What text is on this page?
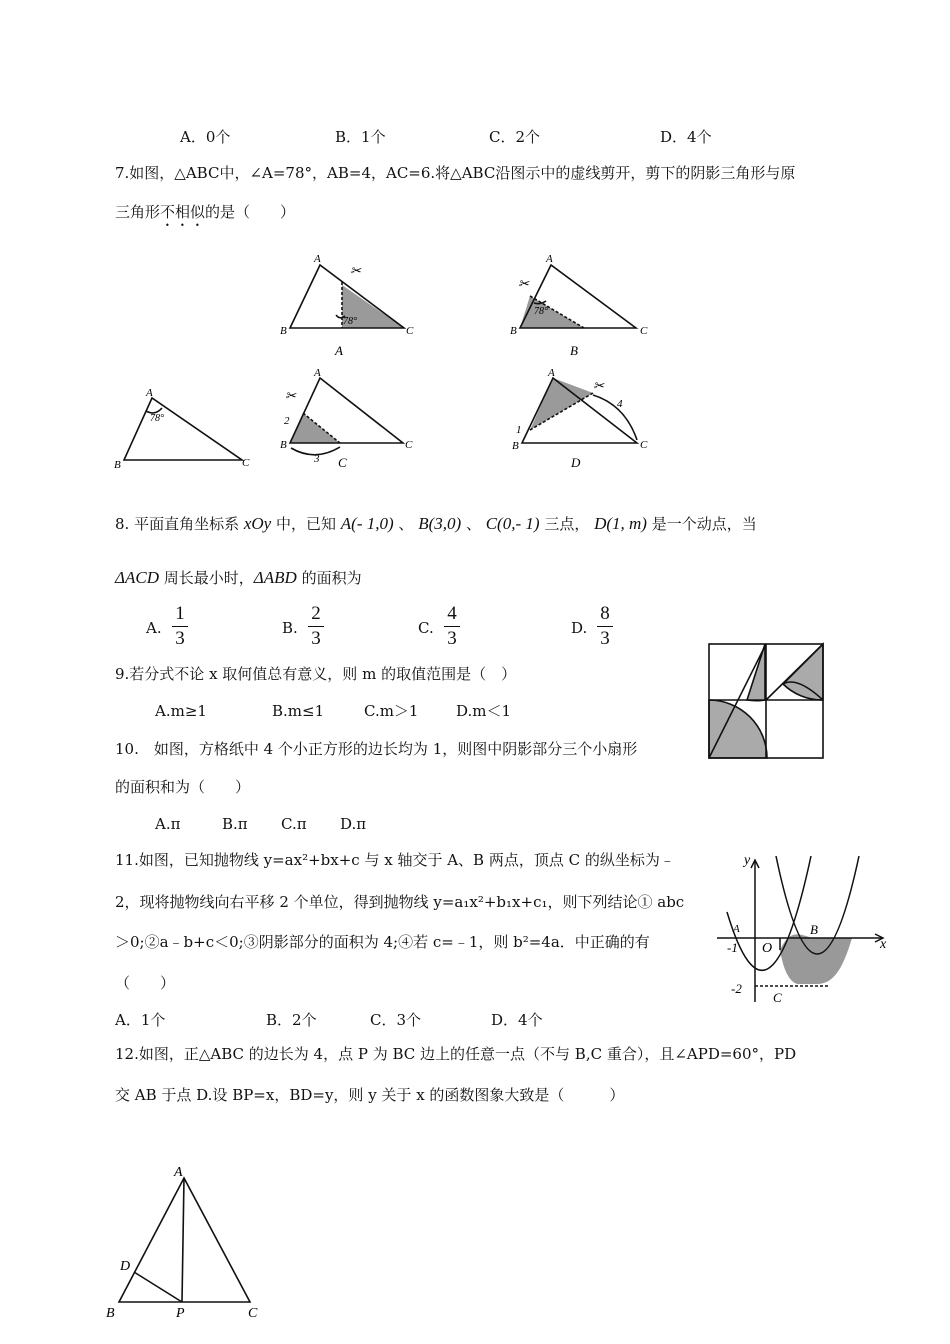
A．0个	B．1个	C．2个	D．4个
7.如图，△ABC中，∠A=78°，AB=4，AC=6.将△ABC沿图示中的虚线剪开，剪下的阴影三角形与原
三角形不相似的是（　　）
A
B	C
78°
A
B	C
78°
✂
A
A
B	C
78°
✂
B
A
B	C
2
3
✂
C
A
B	C
1
4
✂
D
8. 平面直角坐标系 xOy 中，已知 A(- 1,0) 、 B(3,0) 、 C(0,- 1) 三点， D(1, m) 是一个动点，当
ΔACD 周长最小时，ΔABD 的面积为
A.
1
3	B.
2
3	C.
4
3	D.
8
3
9.若分式不论 x 取何值总有意义，则 m 的取值范围是（　）
A.m≥1	B.m≤1	C.m＞1	D.m＜1
10.　如图，方格纸中 4 个小正方形的边长均为 1，则图中阴影部分三个小扇形
的面积和为（　　）
A.π	B.π C.π D.π
11.如图，已知抛物线 y=ax²+bx+c 与 x 轴交于 A、B 两点，顶点 C 的纵坐标为﹣
2，现将抛物线向右平移 2 个单位，得到抛物线 y=a₁x²+b₁x+c₁，则下列结论① abc
＞0;②a﹣b+c＜0;③阴影部分的面积为 4;④若 c=﹣1，则 b²=4a．中正确的有
（　　）
A．1个	B．2个	C．3个	D．4个
y
x
A	B
O
C
-1
-2
12.如图，正△ABC 的边长为 4，点 P 为 BC 边上的任意一点（不与 B,C 重合），且∠APD=60°，PD
交 AB 于点 D.设 BP=x，BD=y，则 y 关于 x 的函数图象大致是（　　　）
A
B	C
D
P
